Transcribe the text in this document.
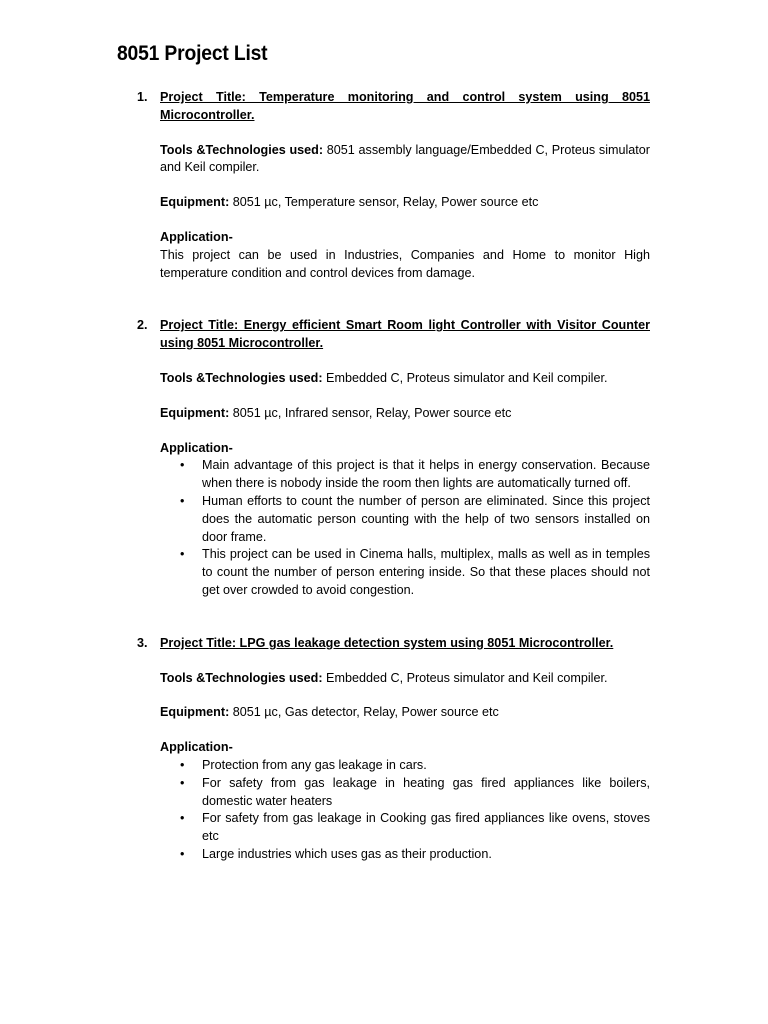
8051 Project List
1. Project Title: Temperature monitoring and control system using 8051 Microcontroller.

Tools &Technologies used: 8051 assembly language/Embedded C, Proteus simulator and Keil compiler.

Equipment: 8051 µc, Temperature sensor, Relay, Power source etc

Application-

This project can be used in Industries, Companies and Home to monitor High temperature condition and control devices from damage.

2. Project Title: Energy efficient Smart Room light Controller with Visitor Counter using 8051 Microcontroller.

Tools &Technologies used: Embedded C, Proteus simulator and Keil compiler.

Equipment: 8051 µc, Infrared sensor, Relay, Power source etc

Application-

• Main advantage of this project is that it helps in energy conservation. Because when there is nobody inside the room then lights are automatically turned off.
• Human efforts to count the number of person are eliminated. Since this project does the automatic person counting with the help of two sensors installed on door frame.
• This project can be used in Cinema halls, multiplex, malls as well as in temples to count the number of person entering inside. So that these places should not get over crowded to avoid congestion.
3. Project Title: LPG gas leakage detection system using 8051 Microcontroller.

Tools &Technologies used: Embedded C, Proteus simulator and Keil compiler.

Equipment: 8051 µc, Gas detector, Relay, Power source etc

Application-

• Protection from any gas leakage in cars.
• For safety from gas leakage in heating gas fired appliances like boilers, domestic water heaters
• For safety from gas leakage in Cooking gas fired appliances like ovens, stoves etc
• Large industries which uses gas as their production.
